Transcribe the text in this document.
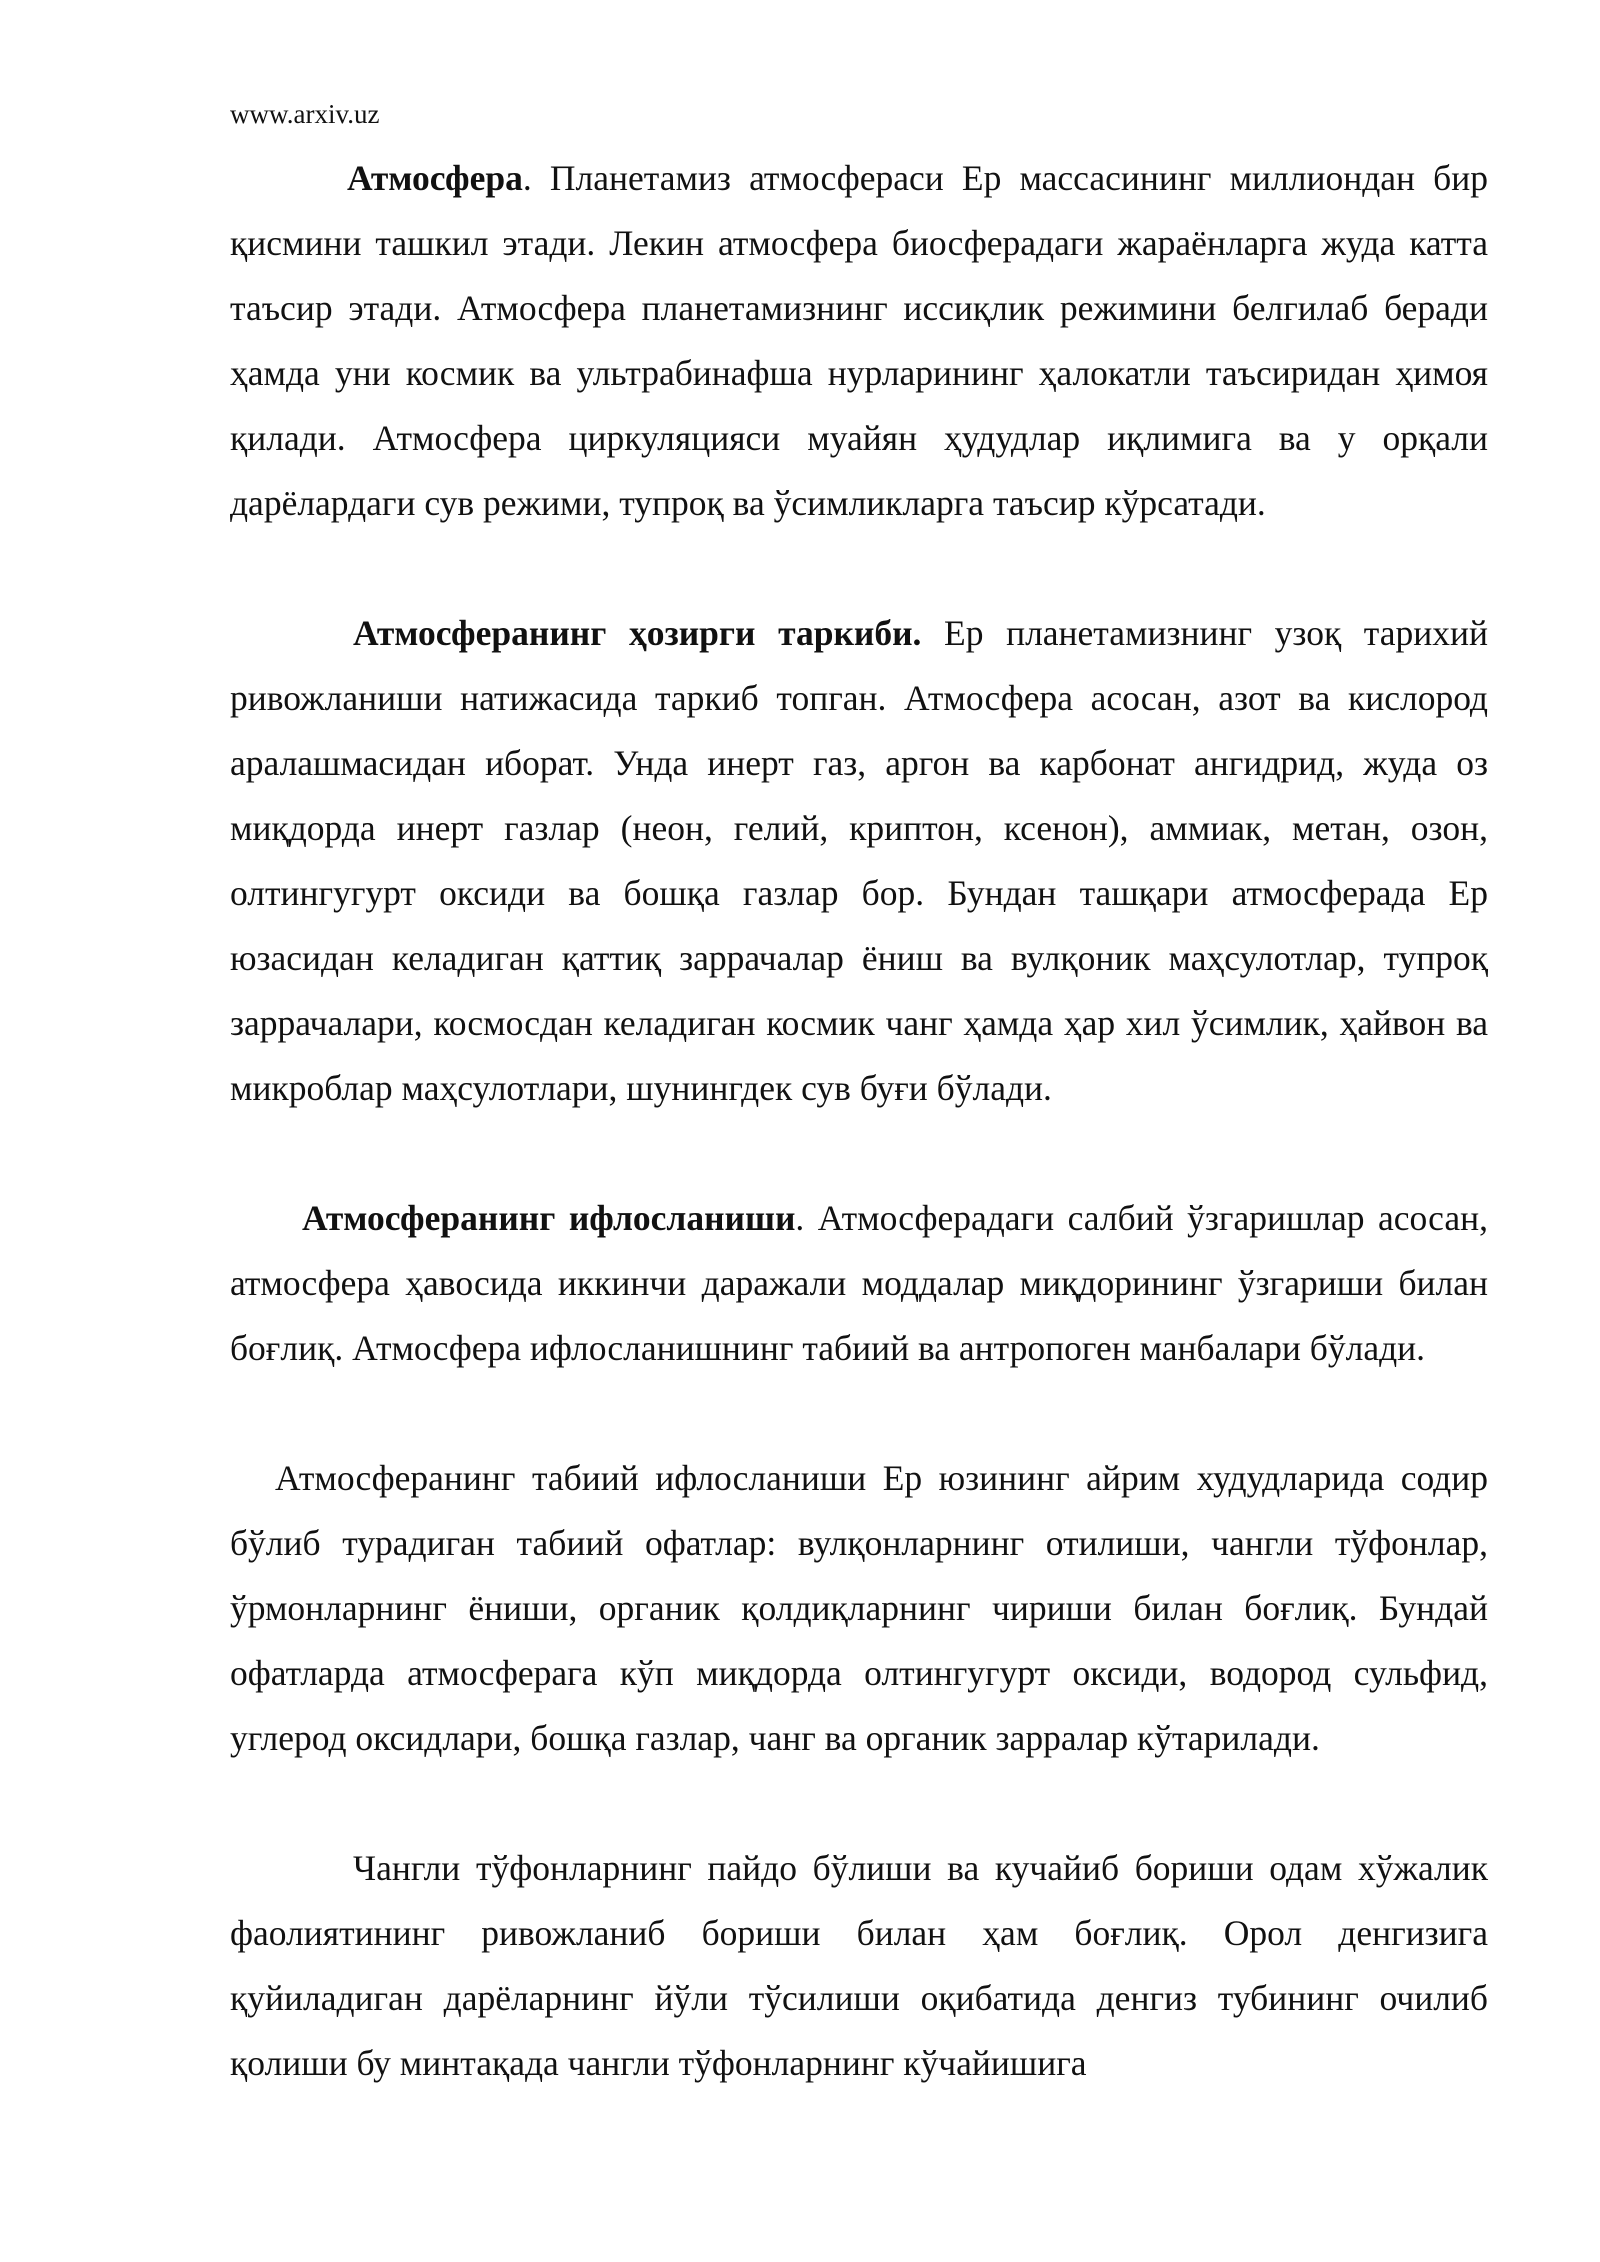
www.arxiv.uz

Атмосфера. Планетамиз атмосфераси Ер массасининг миллиондан бир қисмини ташкил этади. Лекин атмосфера биосферадаги жараёнларга жуда катта таъсир этади. Атмосфера планетамизнинг иссиқлик режимини белгилаб беради ҳамда уни космик ва ультрабинафша нурларининг ҳалокатли таъсиридан ҳимоя қилади. Атмосфера циркуляцияси муайян ҳудудлар иқлимига ва у орқали дарёлардаги сув режими, тупроқ ва ўсимликларга таъсир кўрсатади.

Атмосферанинг ҳозирги таркиби. Ер планетамизнинг узоқ тарихий ривожланиши натижасида таркиб топган. Атмосфера асосан, азот ва кислород аралашмасидан иборат. Унда инерт газ, аргон ва карбонат ангидрид, жуда оз миқдорда инерт газлар (неон, гелий, криптон, ксенон), аммиак, метан, озон, олтингугурт оксиди ва бошқа газлар бор. Бундан ташқари атмосферада Ер юзасидан келадиган қаттиқ заррачалар ёниш ва вулқоник маҳсулотлар, тупроқ заррачалари, космосдан келадиган космик чанг ҳамда ҳар хил ўсимлик, ҳайвон ва микроблар маҳсулотлари, шунингдек сув буғи бўлади.

Атмосферанинг ифлосланиши. Атмосферадаги салбий ўзгаришлар асосан, атмосфера ҳавосида иккинчи даражали моддалар миқдорининг ўзгариши билан боғлиқ. Атмосфера ифлосланишнинг табиий ва антропоген манбалари бўлади.

Атмосферанинг табиий ифлосланиши Ер юзининг айрим худудларида содир бўлиб турадиган табиий офатлар: вулқонларнинг отилиши, чангли тўфонлар, ўрмонларнинг ёниши, органик қолдиқларнинг чириши билан боғлиқ. Бундай офатларда атмосферага кўп миқдорда олтингугурт оксиди, водород сульфид, углерод оксидлари, бошқа газлар, чанг ва органик зарралар кўтарилади.

Чангли тўфонларнинг пайдо бўлиши ва кучайиб бориши одам хўжалик фаолиятининг ривожланиб бориши билан ҳам боғлиқ. Орол денгизига қуйиладиган дарёларнинг йўли тўсилиши оқибатида денгиз тубининг очилиб қолиши бу минтақада чангли тўфонларнинг кўчайишига
